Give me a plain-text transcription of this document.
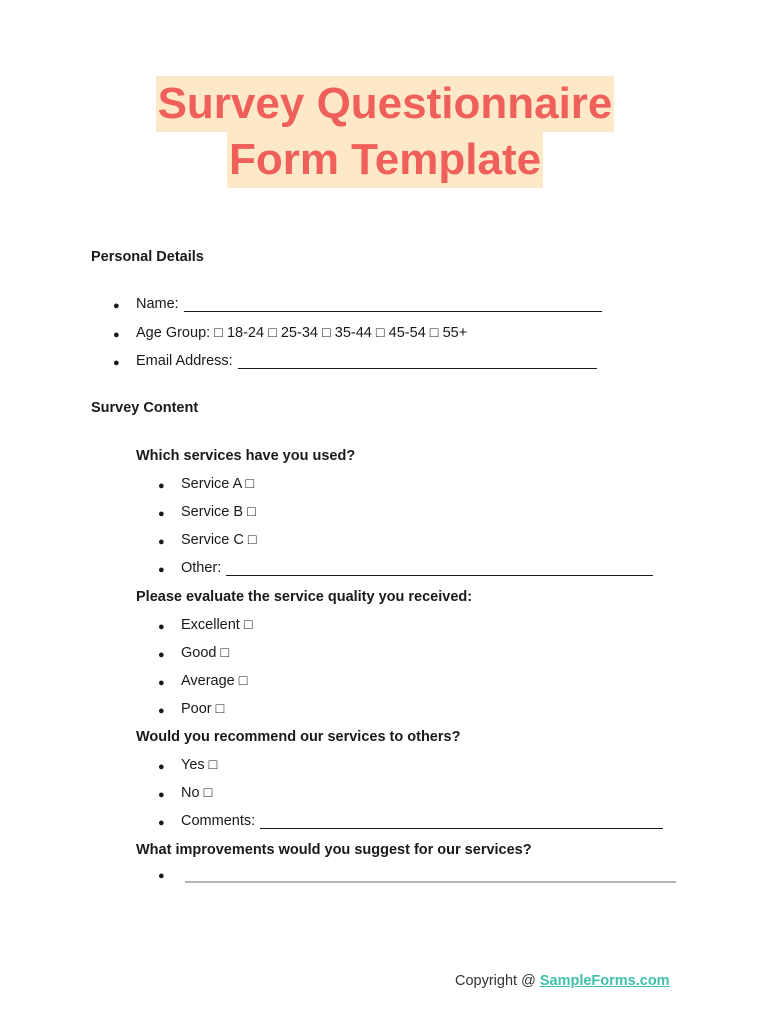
Survey Questionnaire
Form Template
Personal Details
●	Name:
●	Age Group: □ 18-24 □ 25-34 □ 35-44 □ 45-54 □ 55+
●	Email Address:
Survey Content
Which services have you used?
●	Service A □
●	Service B □
●	Service C □
●	Other:
Please evaluate the service quality you received:
●	Excellent □
●	Good □
●	Average □
●	Poor □
Would you recommend our services to others?
●	Yes □
●	No □
●	Comments:
What improvements would you suggest for our services?
●
Copyright @ SampleForms.com
